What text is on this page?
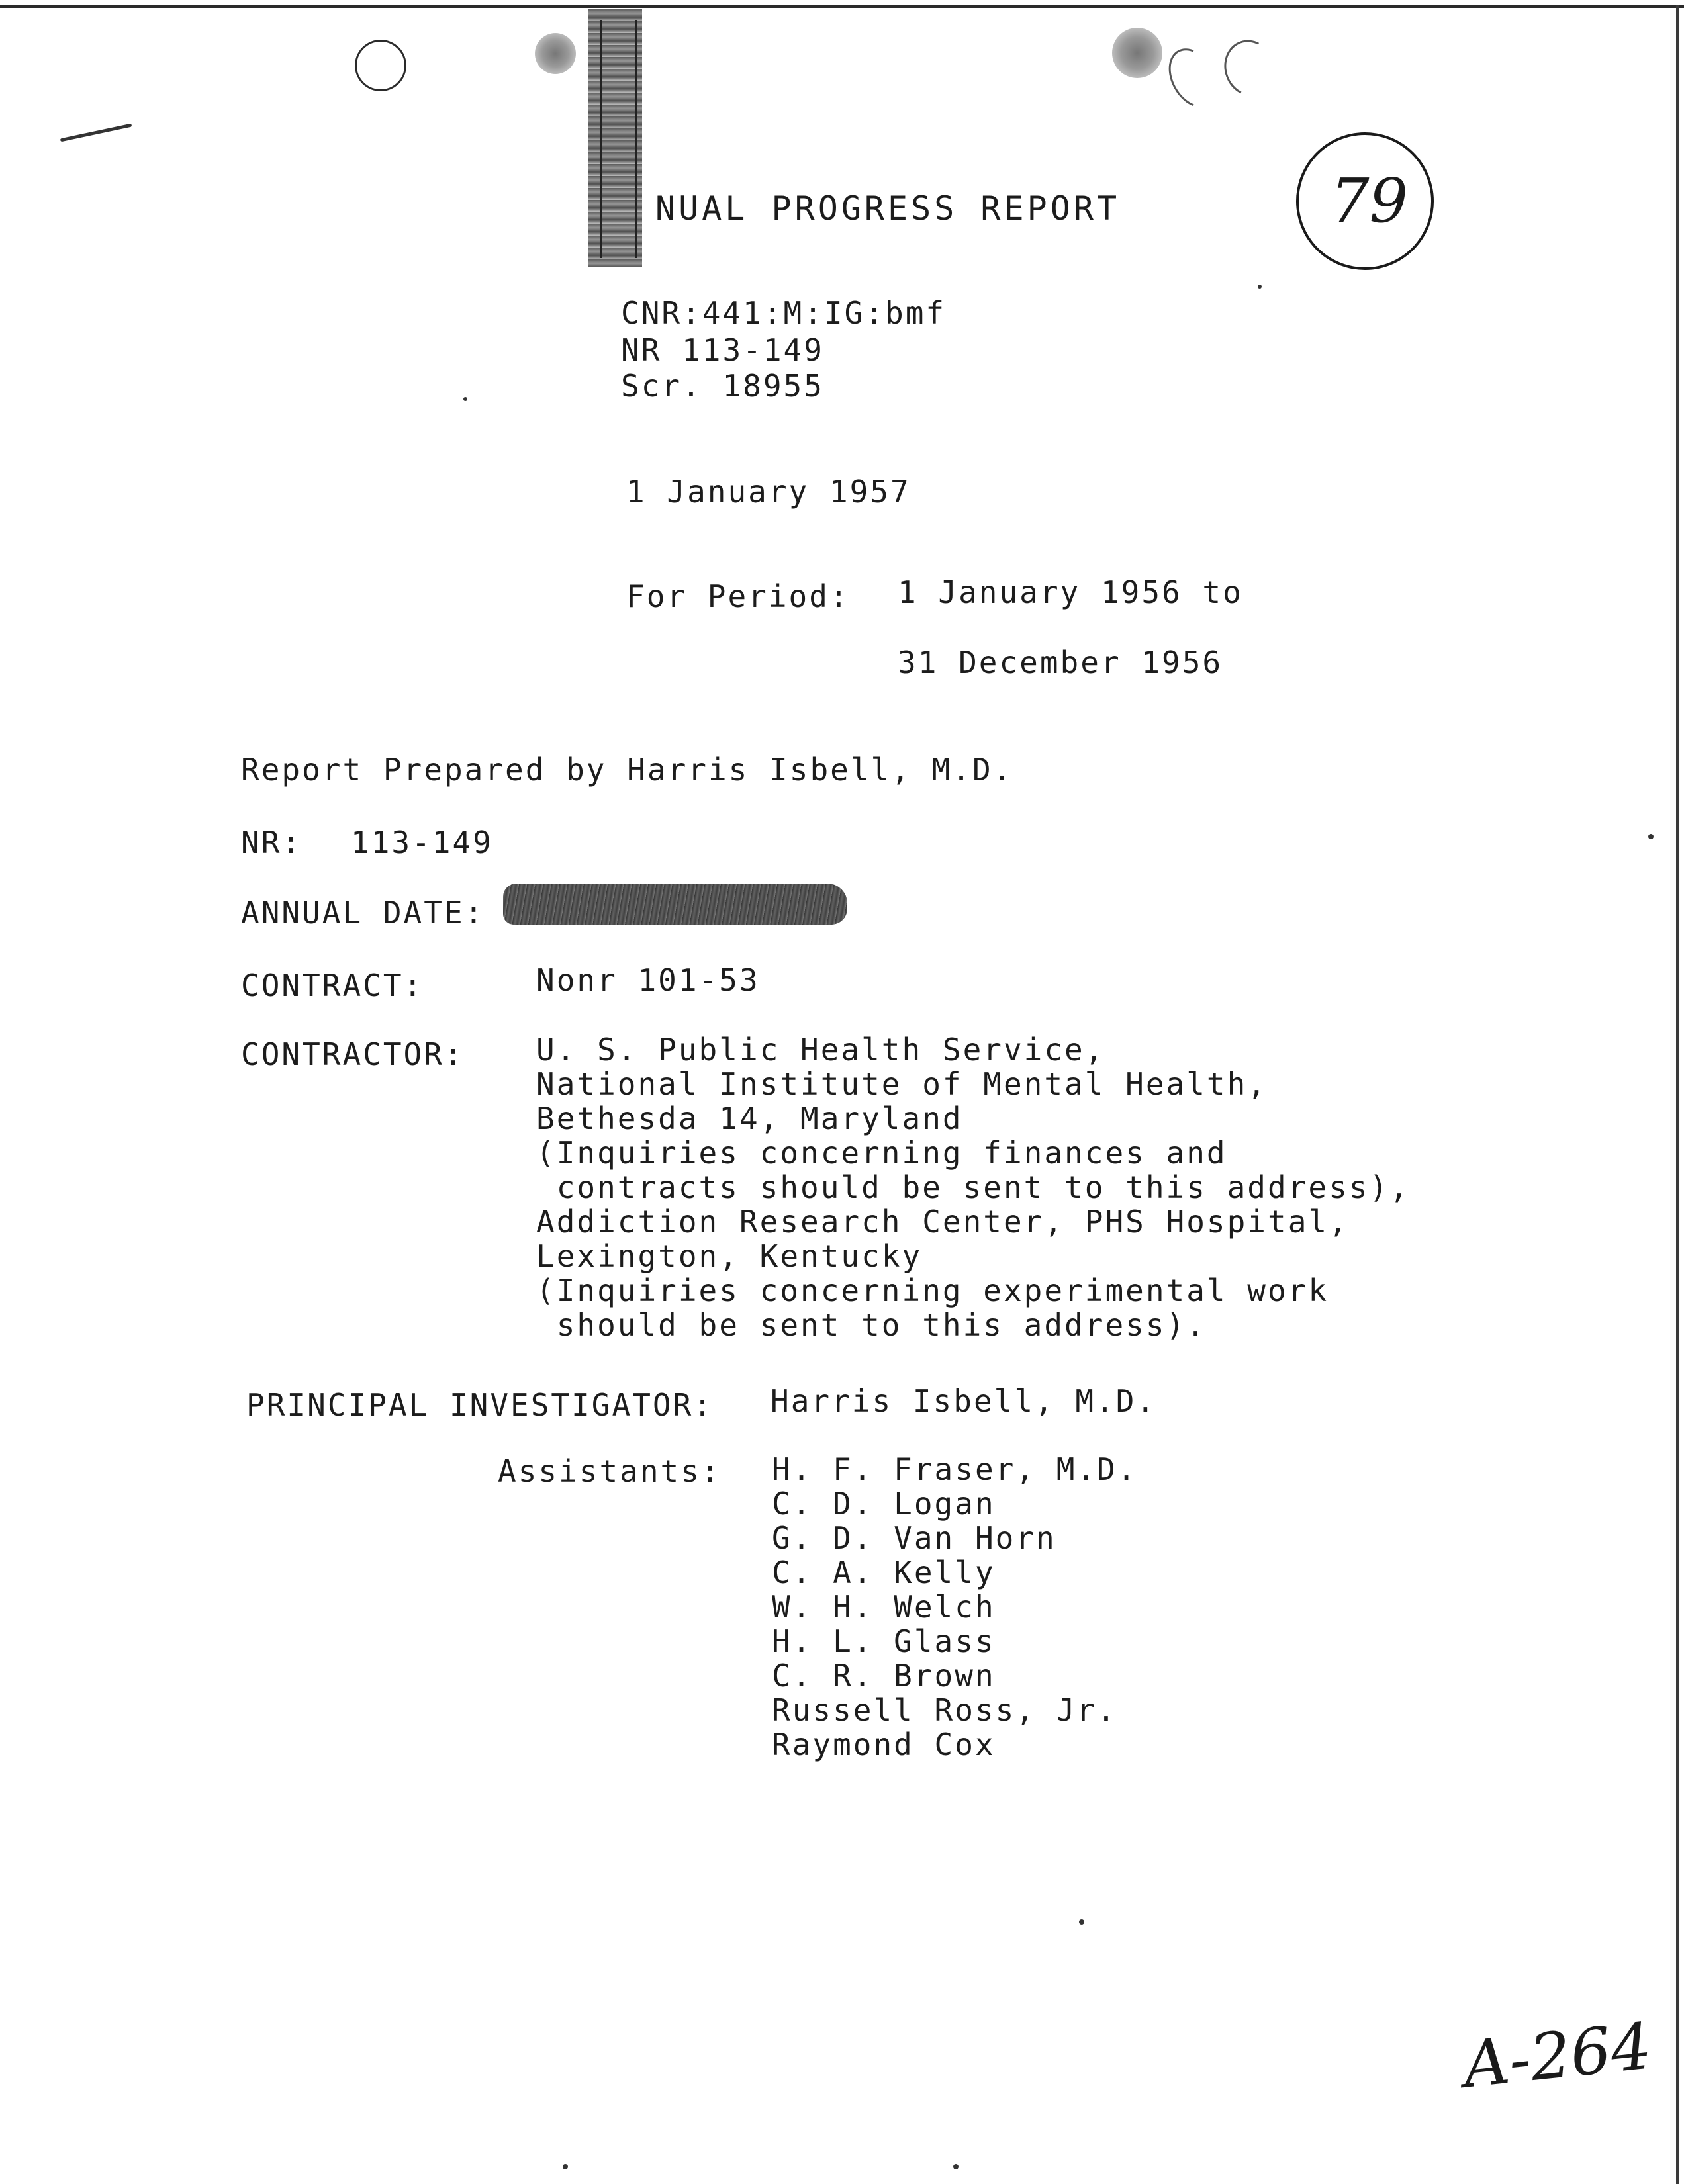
79
NUAL PROGRESS REPORT
CNR:441:M:IG:bmf
NR 113-149
Scr. 18955
1 January 1957
For Period: 1 January 1956 to
31 December 1956
Report Prepared by Harris Isbell, M.D.
NR: 113-149
ANNUAL DATE:
CONTRACT:	Nonr 101-53
CONTRACTOR: U. S. Public Health Service,
National Institute of Mental Health,
Bethesda 14, Maryland
(Inquiries concerning finances and
contracts should be sent to this address),
Addiction Research Center, PHS Hospital,
Lexington, Kentucky
(Inquiries concerning experimental work
should be sent to this address).
PRINCIPAL INVESTIGATOR: Harris Isbell, M.D.
Assistants: H. F. Fraser, M.D.
C. D. Logan
G. D. Van Horn
C. A. Kelly
W. H. Welch
H. L. Glass
C. R. Brown
Russell Ross, Jr.
Raymond Cox
A-264
